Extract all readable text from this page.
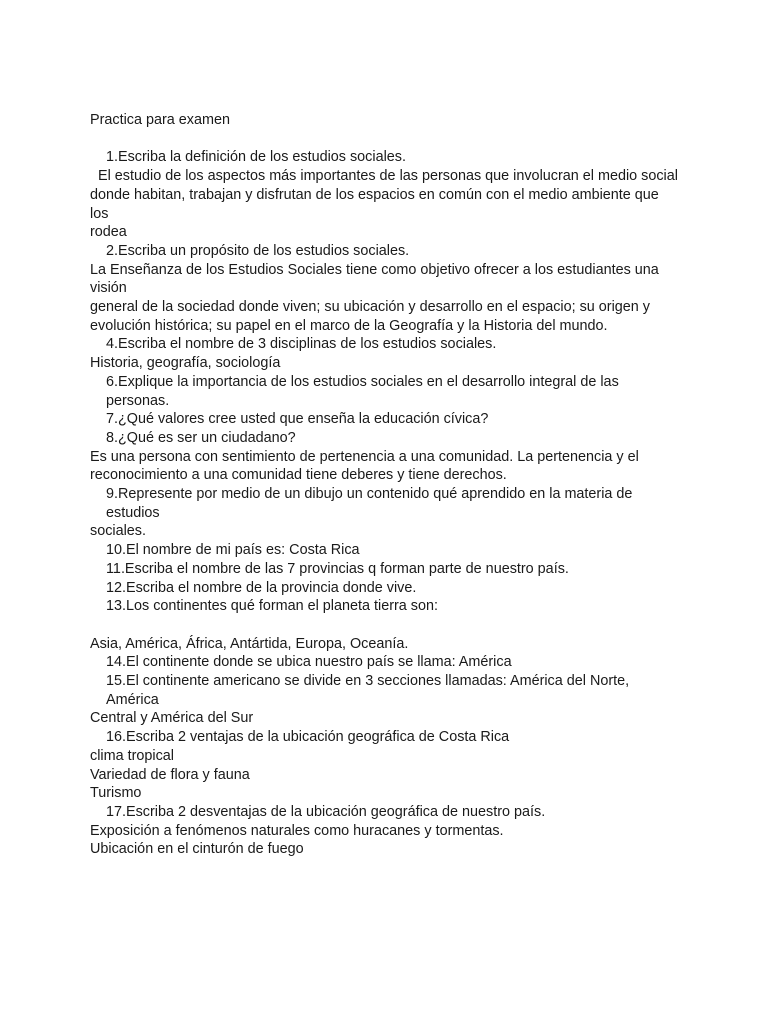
Practica para examen
1.Escriba la definición de los estudios sociales.
El estudio de los aspectos más importantes de las personas que involucran el medio social
donde habitan, trabajan y disfrutan de los espacios en común con el medio ambiente que los
rodea
2.Escriba un propósito de los estudios sociales.
La Enseñanza de los Estudios Sociales tiene como objetivo ofrecer a los estudiantes una visión
general de la sociedad donde viven; su ubicación y desarrollo en el espacio; su origen y
evolución histórica; su papel en el marco de la Geografía y la Historia del mundo.
4.Escriba el nombre de 3 disciplinas de los estudios sociales.
Historia, geografía, sociología
6.Explique la importancia de los estudios sociales en el desarrollo integral de las personas.
7.¿Qué valores cree usted que enseña la educación cívica?
8.¿Qué es ser un ciudadano?
Es una persona con sentimiento de pertenencia a una comunidad. La pertenencia y el
reconocimiento a una comunidad tiene deberes y tiene derechos.
9.Represente por medio de un dibujo un contenido qué aprendido en la materia de estudios
sociales.
10.El nombre de mi país es: Costa Rica
11.Escriba el nombre de las 7 provincias q forman parte de nuestro país.
12.Escriba el nombre de la provincia donde vive.
13.Los continentes qué forman el planeta tierra son:
Asia, América, África, Antártida, Europa, Oceanía.
14.El continente donde se ubica nuestro país se llama: América
15.El continente americano se divide en 3 secciones llamadas: América del Norte, América
Central y América del Sur
16.Escriba 2 ventajas de la ubicación geográfica de Costa Rica
clima tropical
Variedad de flora y fauna
Turismo
17.Escriba 2 desventajas de la ubicación geográfica de nuestro país.
Exposición a fenómenos naturales como huracanes y tormentas.
Ubicación en el cinturón de fuego
